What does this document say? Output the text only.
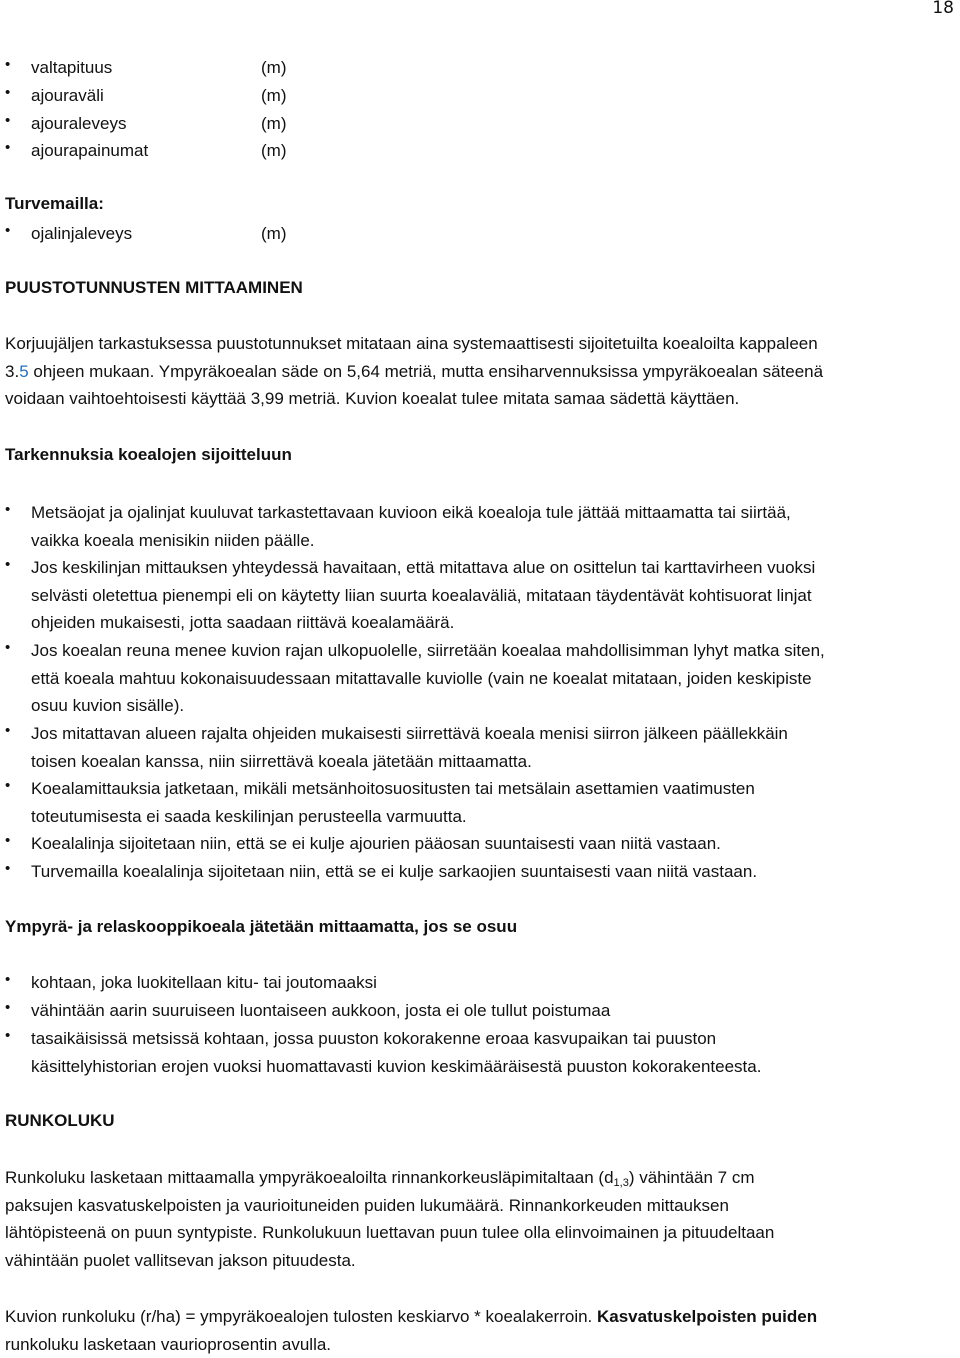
18
•	valtapituus	(m)
•	ajouraväli	(m)
•	ajouraleveys	(m)
•	ajourapainumat	(m)
Turvemailla:
•	ojalinjaleveys	(m)
PUUSTOTUNNUSTEN MITTAAMINEN
Korjuujäljen tarkastuksessa puustotunnukset mitataan aina systemaattisesti sijoitetuilta koealoilta kappaleen
3.5 ohjeen mukaan. Ympyräkoealan säde on 5,64 metriä, mutta ensiharvennuksissa ympyräkoealan säteenä
voidaan vaihtoehtoisesti käyttää 3,99 metriä. Kuvion koealat tulee mitata samaa sädettä käyttäen.
Tarkennuksia koealojen sijoitteluun
•	Metsäojat ja ojalinjat kuuluvat tarkastettavaan kuvioon eikä koealoja tule jättää mittaamatta tai siirtää,
vaikka koeala menisikin niiden päälle.
•	Jos keskilinjan mittauksen yhteydessä havaitaan, että mitattava alue on osittelun tai karttavirheen vuoksi
selvästi oletettua pienempi eli on käytetty liian suurta koealaväliä, mitataan täydentävät kohtisuorat linjat
ohjeiden mukaisesti, jotta saadaan riittävä koealamäärä.
•	Jos koealan reuna menee kuvion rajan ulkopuolelle, siirretään koealaa mahdollisimman lyhyt matka siten,
että koeala mahtuu kokonaisuudessaan mitattavalle kuviolle (vain ne koealat mitataan, joiden keskipiste
osuu kuvion sisälle).
•	Jos mitattavan alueen rajalta ohjeiden mukaisesti siirrettävä koeala menisi siirron jälkeen päällekkäin
toisen koealan kanssa, niin siirrettävä koeala jätetään mittaamatta.
•	Koealamittauksia jatketaan, mikäli metsänhoitosuositusten tai metsälain asettamien vaatimusten
toteutumisesta ei saada keskilinjan perusteella varmuutta.
•	Koealalinja sijoitetaan niin, että se ei kulje ajourien pääosan suuntaisesti vaan niitä vastaan.
•	Turvemailla koealalinja sijoitetaan niin, että se ei kulje sarkaojien suuntaisesti vaan niitä vastaan.
Ympyrä- ja relaskooppikoeala jätetään mittaamatta, jos se osuu
•	kohtaan, joka luokitellaan kitu- tai joutomaaksi
•	vähintään aarin suuruiseen luontaiseen aukkoon, josta ei ole tullut poistumaa
•	tasaikäisissä metsissä kohtaan, jossa puuston kokorakenne eroaa kasvupaikan tai puuston
käsittelyhistorian erojen vuoksi huomattavasti kuvion keskimääräisestä puuston kokorakenteesta.
RUNKOLUKU
Runkoluku lasketaan mittaamalla ympyräkoealoilta rinnankorkeusläpimitaltaan $(d_{1,3})$ vähintään 7 cm
paksujen kasvatuskelpoisten ja vaurioituneiden puiden lukumäärä. Rinnankorkeuden mittauksen
lähtöpisteenä on puun syntypiste. Runkolukuun luettavan puun tulee olla elinvoimainen ja pituudeltaan
vähintään puolet vallitsevan jakson pituudesta.
Kuvion runkoluku (r/ha) = ympyräkoealojen tulosten keskiarvo * koealakerroin. Kasvatuskelpoisten puiden
runkoluku lasketaan vaurioprosentin avulla.
